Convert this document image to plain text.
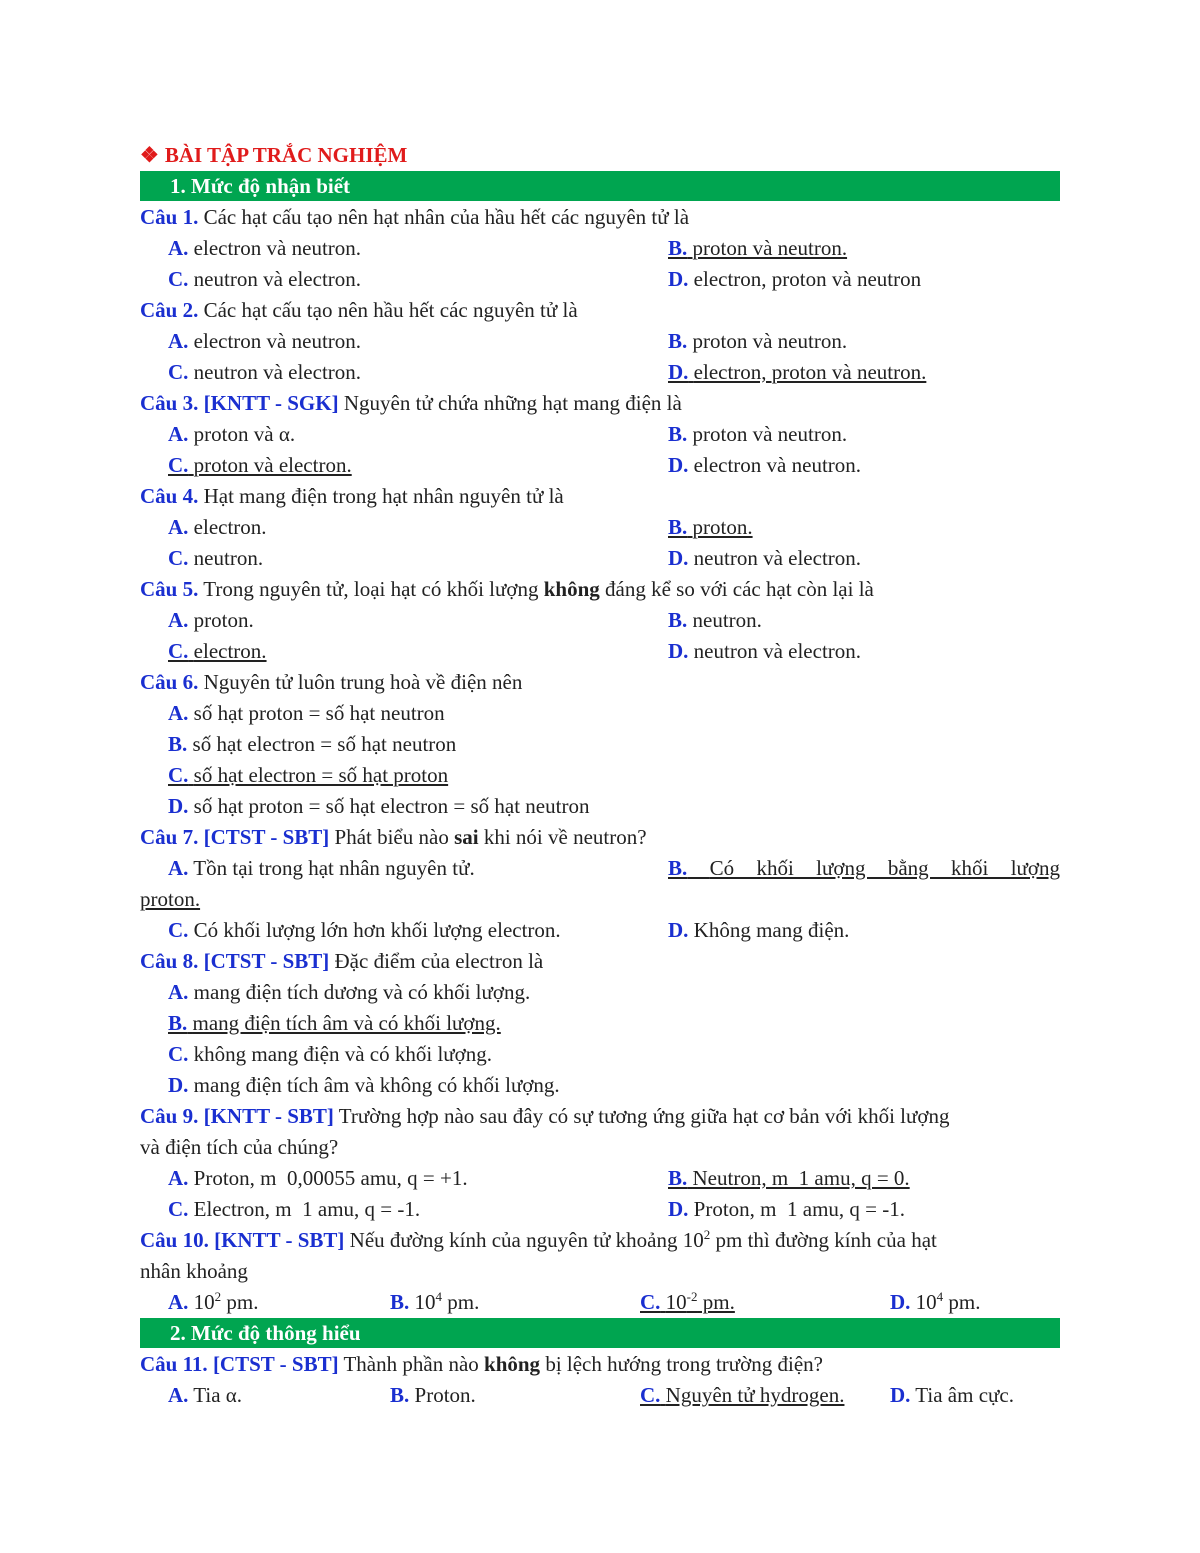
❖ BÀI TẬP TRẮC NGHIỆM
1. Mức độ nhận biết
Câu 1. Các hạt cấu tạo nên hạt nhân của hầu hết các nguyên tử là
A. electron và neutron.	B. proton và neutron.
C. neutron và electron.	D. electron, proton và neutron
Câu 2. Các hạt cấu tạo nên hầu hết các nguyên tử là
A. electron và neutron.	B. proton và neutron.
C. neutron và electron.	D. electron, proton và neutron.
Câu 3. [KNTT - SGK] Nguyên tử chứa những hạt mang điện là
A. proton và α.	B. proton và neutron.
C. proton và electron.	D. electron và neutron.
Câu 4. Hạt mang điện trong hạt nhân nguyên tử là
A. electron.	B. proton.
C. neutron.	D. neutron và electron.
Câu 5. Trong nguyên tử, loại hạt có khối lượng không đáng kể so với các hạt còn lại là
A. proton.	B. neutron.
C. electron.	D. neutron và electron.
Câu 6. Nguyên tử luôn trung hoà về điện nên
A. số hạt proton = số hạt neutron
B. số hạt electron = số hạt neutron
C. số hạt electron = số hạt proton
D. số hạt proton = số hạt electron = số hạt neutron
Câu 7. [CTST - SBT] Phát biểu nào sai khi nói về neutron?
A. Tồn tại trong hạt nhân nguyên tử.	B. Có khối lượng bằng khối lượng
proton.
C. Có khối lượng lớn hơn khối lượng electron.	D. Không mang điện.
Câu 8. [CTST - SBT] Đặc điểm của electron là
A. mang điện tích dương và có khối lượng.
B. mang điện tích âm và có khối lượng.
C. không mang điện và có khối lượng.
D. mang điện tích âm và không có khối lượng.
Câu 9. [KNTT - SBT] Trường hợp nào sau đây có sự tương ứng giữa hạt cơ bản với khối lượng
và điện tích của chúng?
A. Proton, m  0,00055 amu, q = +1.	B. Neutron, m  1 amu, q = 0.
C. Electron, m  1 amu, q = -1.	D. Proton, m  1 amu, q = -1.
Câu 10. [KNTT - SBT] Nếu đường kính của nguyên tử khoảng $10^2$ pm thì đường kính của hạt
nhân khoảng
A. $10^2$ pm.	B. $10^4$ pm.	C. $10^{-2}$ pm.	D. $10^4$ pm.
2. Mức độ thông hiểu
Câu 11. [CTST - SBT] Thành phần nào không bị lệch hướng trong trường điện?
A. Tia α.	B. Proton.	C. Nguyên tử hydrogen.	D. Tia âm cực.
